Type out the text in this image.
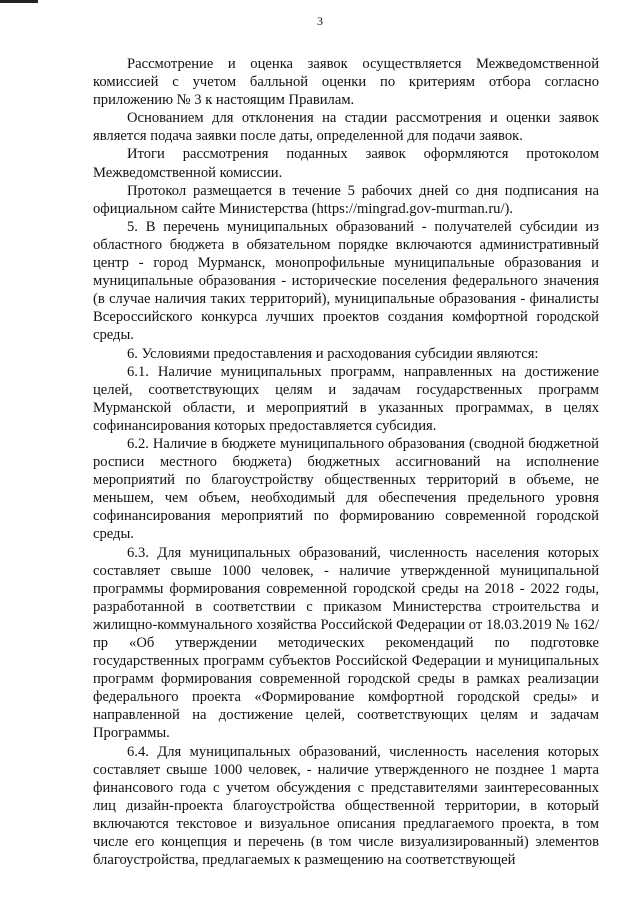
3

Рассмотрение и оценка заявок осуществляется Межведомственной комиссией с учетом балльной оценки по критериям отбора согласно приложению № 3 к настоящим Правилам.

Основанием для отклонения на стадии рассмотрения и оценки заявок является подача заявки после даты, определенной для подачи заявок.

Итоги рассмотрения поданных заявок оформляются протоколом Межведомственной комиссии.

Протокол размещается в течение 5 рабочих дней со дня подписания на официальном сайте Министерства (https://mingrad.gov-murman.ru/).

5. В перечень муниципальных образований - получателей субсидии из областного бюджета в обязательном порядке включаются административный центр - город Мурманск, монопрофильные муниципальные образования и муниципальные образования - исторические поселения федерального значения (в случае наличия таких территорий), муниципальные образования - финалисты Всероссийского конкурса лучших проектов создания комфортной городской среды.

6. Условиями предоставления и расходования субсидии являются:

6.1. Наличие муниципальных программ, направленных на достижение целей, соответствующих целям и задачам государственных программ Мурманской области, и мероприятий в указанных программах, в целях софинансирования которых предоставляется субсидия.

6.2. Наличие в бюджете муниципального образования (сводной бюджетной росписи местного бюджета) бюджетных ассигнований на исполнение мероприятий по благоустройству общественных территорий в объеме, не меньшем, чем объем, необходимый для обеспечения предельного уровня софинансирования мероприятий по формированию современной городской среды.

6.3. Для муниципальных образований, численность населения которых составляет свыше 1000 человек, - наличие утвержденной муниципальной программы формирования современной городской среды на 2018 - 2022 годы, разработанной в соответствии с приказом Министерства строительства и жилищно-коммунального хозяйства Российской Федерации от 18.03.2019 № 162/пр «Об утверждении методических рекомендаций по подготовке государственных программ субъектов Российской Федерации и муниципальных программ формирования современной городской среды в рамках реализации федерального проекта «Формирование комфортной городской среды» и направленной на достижение целей, соответствующих целям и задачам Программы.

6.4. Для муниципальных образований, численность населения которых составляет свыше 1000 человек, - наличие утвержденного не позднее 1 марта финансового года с учетом обсуждения с представителями заинтересованных лиц дизайн-проекта благоустройства общественной территории, в который включаются текстовое и визуальное описания предлагаемого проекта, в том числе его концепция и перечень (в том числе визуализированный) элементов благоустройства, предлагаемых к размещению на соответствующей
